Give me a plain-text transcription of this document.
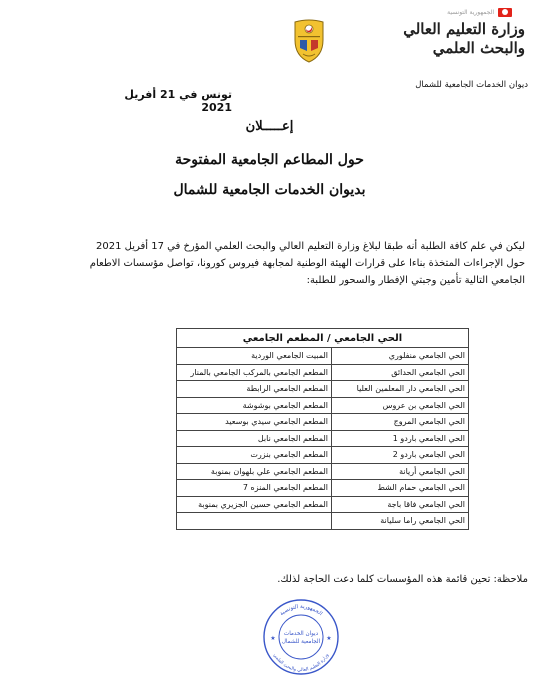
الجمهورية التونسية
وزارة التعليم العالي
والبحث العلمي
ديوان الخدمات الجامعية للشمال
تونس في 21 أفريل 2021
إعـــــلان
حول المطاعم الجامعية المفتوحة
بديوان الخدمات الجامعية للشمال
ليكن في علم كافة الطلبة أنه طبقا لبلاغ وزارة التعليم العالي والبحث العلمي المؤرخ في 17 أفريل 2021
حول الإجراءات المتخذة بناءا على قرارات الهيئة الوطنية لمجابهة فيروس كورونا، تواصل مؤسسات الاطعام
الجامعي التالية تأمين وجبتي الإفطار والسحور للطلبة:
الحي الجامعي / المطعم الجامعي	
الحي الجامعي منفلوري	المبيت الجامعي الوردية
الحي الجامعي الحدائق	المطعم الجامعي بالمركب الجامعي بالمنار
الحي الجامعي دار المعلمين العليا	المطعم الجامعي الرابطة
الحي الجامعي بن عروس	المطعم الجامعي بوشوشة
الحي الجامعي المروج	المطعم الجامعي سيدي بوسعيد
الحي الجامعي باردو 1	المطعم الجامعي نابل
الحي الجامعي باردو 2	المطعم الجامعي بنزرت
الحي الجامعي أريانة	المطعم الجامعي علي بلهوان بمنوبة
الحي الجامعي حمام الشط	المطعم الجامعي المنزه 7
الحي الجامعي فاقا باجة	المطعم الجامعي حسين الجزيري بمنوبة
الحي الجامعي راما سليانة	
ملاحظة: تحين قائمة هذه المؤسسات كلما دعت الحاجة لذلك.
الجمهورية التونسية
وزارة التعليم العالي والبحث العلمي
ديوان الخدمات
الجامعية للشمال
★	★
